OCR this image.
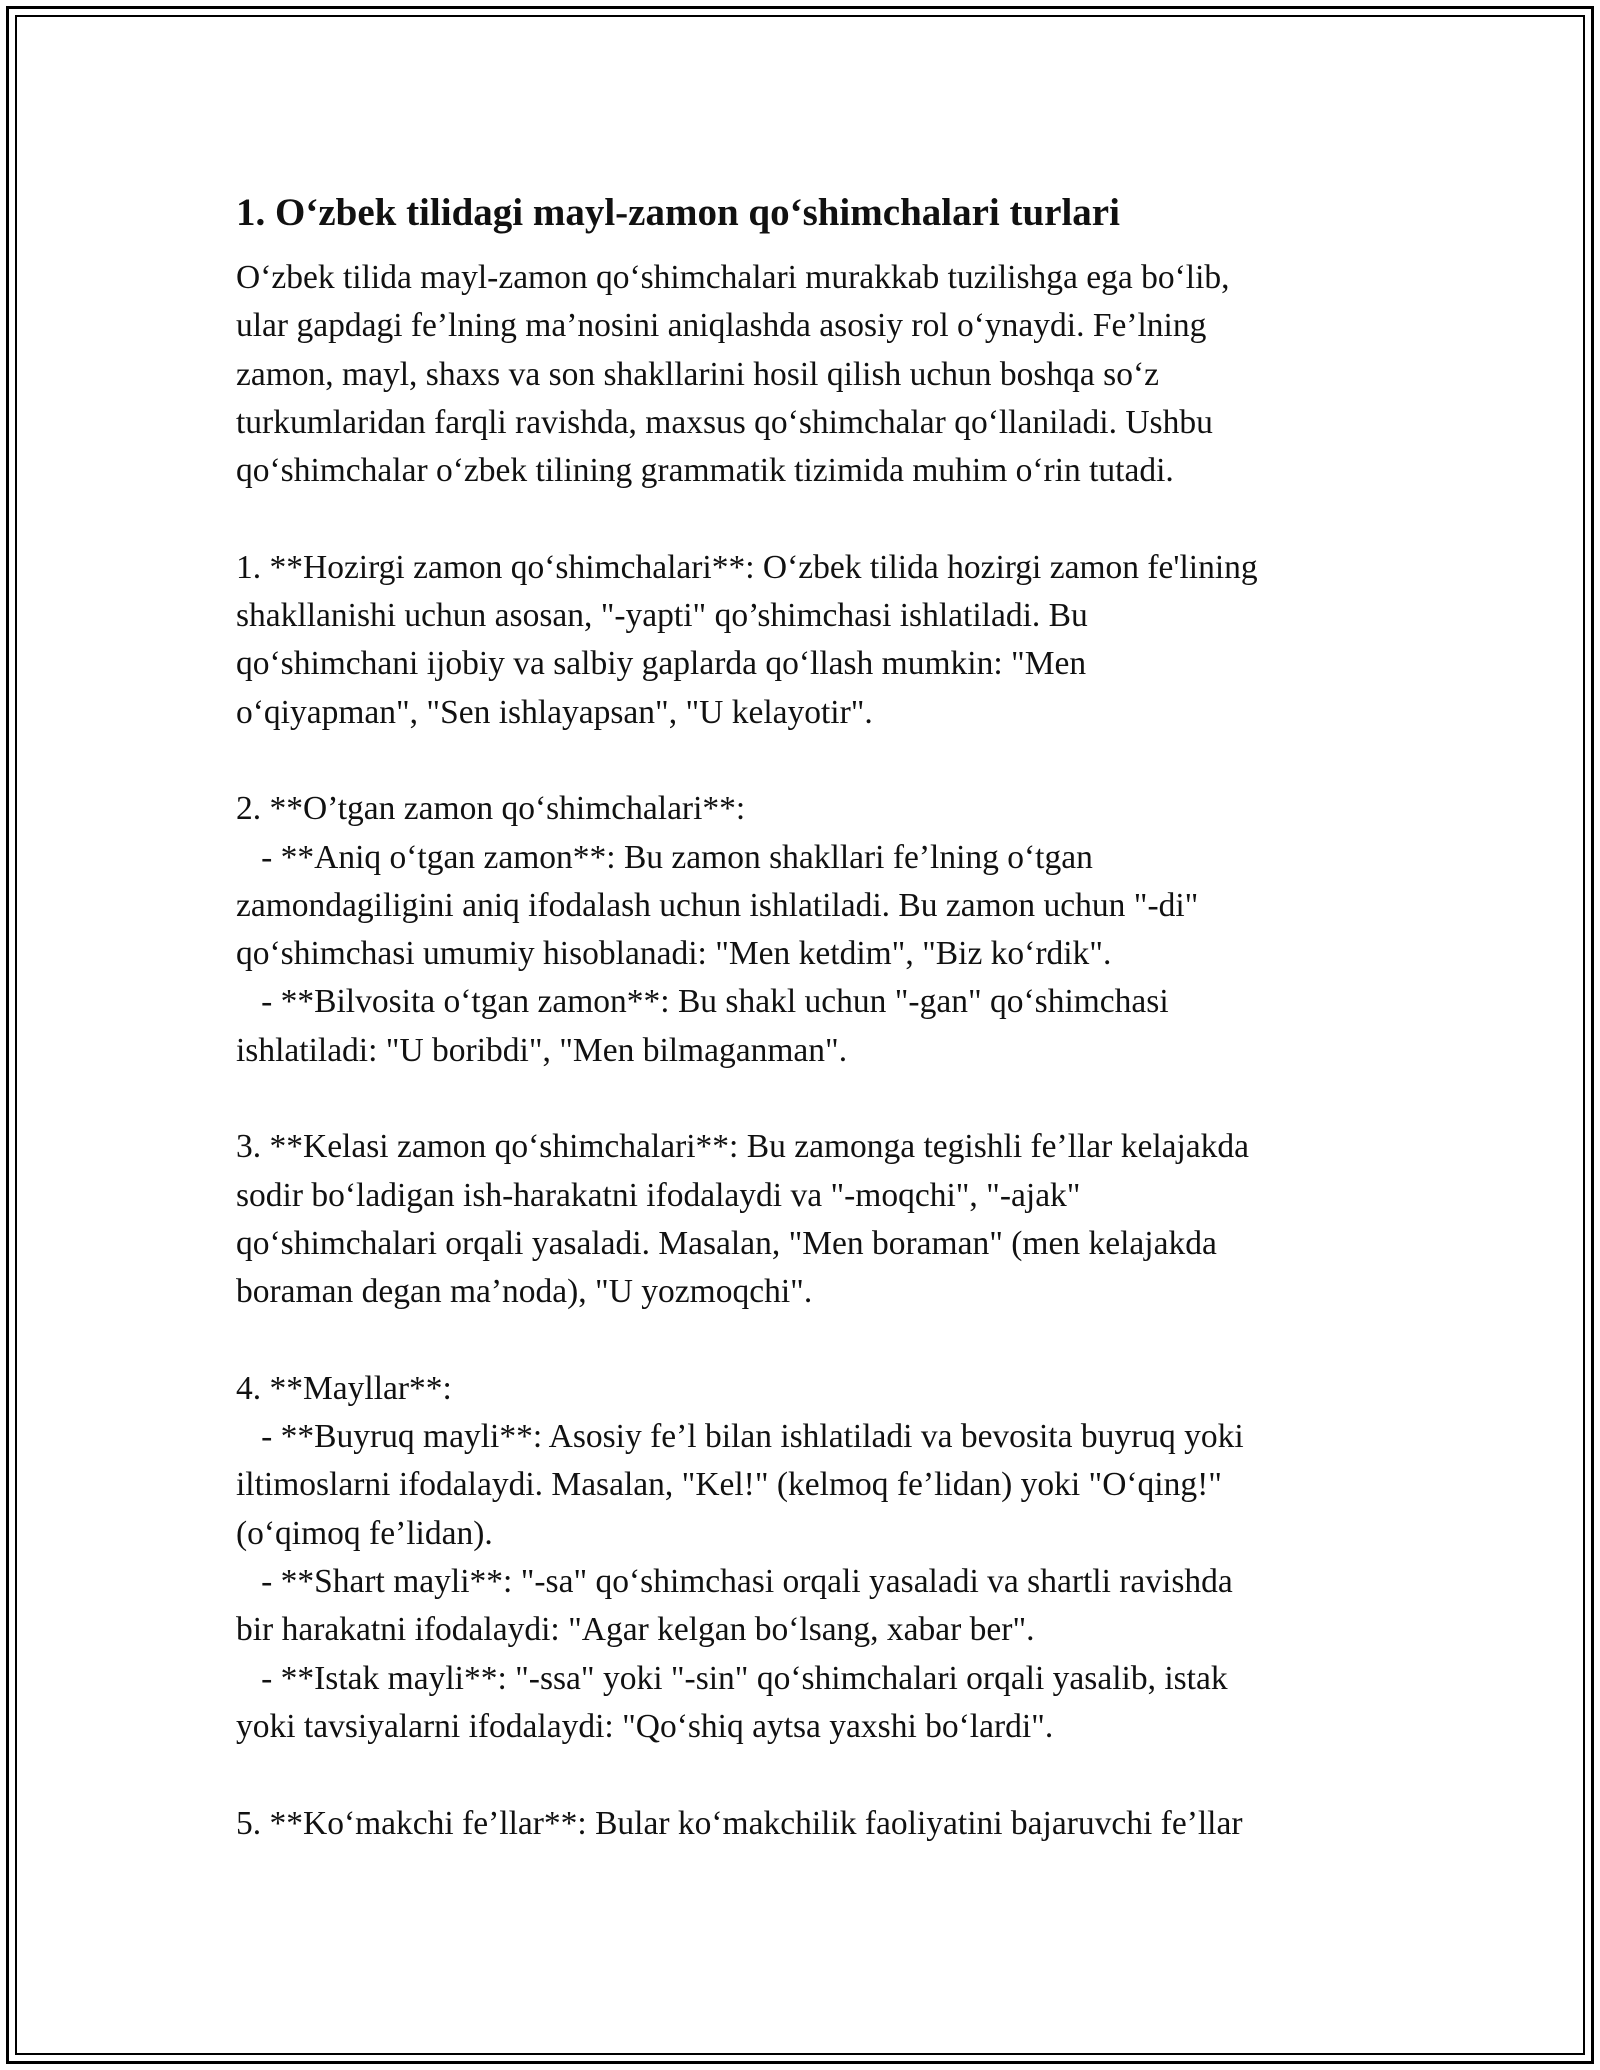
1. O‘zbek tilidagi mayl-zamon qo‘shimchalari turlari

O‘zbek tilida mayl-zamon qo‘shimchalari murakkab tuzilishga ega bo‘lib,
ular gapdagi fe’lning ma’nosini aniqlashda asosiy rol o‘ynaydi. Fe’lning
zamon, mayl, shaxs va son shakllarini hosil qilish uchun boshqa so‘z
turkumlaridan farqli ravishda, maxsus qo‘shimchalar qo‘llaniladi. Ushbu
qo‘shimchalar o‘zbek tilining grammatik tizimida muhim o‘rin tutadi.

1. **Hozirgi zamon qo‘shimchalari**: O‘zbek tilida hozirgi zamon fe'lining
shakllanishi uchun asosan, "-yapti" qo’shimchasi ishlatiladi. Bu
qo‘shimchani ijobiy va salbiy gaplarda qo‘llash mumkin: "Men
o‘qiyapman", "Sen ishlayapsan", "U kelayotir".

2. **O’tgan zamon qo‘shimchalari**:
- **Aniq o‘tgan zamon**: Bu zamon shakllari fe’lning o‘tgan
zamondagiligini aniq ifodalash uchun ishlatiladi. Bu zamon uchun "-di"
qo‘shimchasi umumiy hisoblanadi: "Men ketdim", "Biz ko‘rdik".
- **Bilvosita o‘tgan zamon**: Bu shakl uchun "-gan" qo‘shimchasi
ishlatiladi: "U boribdi", "Men bilmaganman".

3. **Kelasi zamon qo‘shimchalari**: Bu zamonga tegishli fe’llar kelajakda
sodir bo‘ladigan ish-harakatni ifodalaydi va "-moqchi", "-ajak"
qo‘shimchalari orqali yasaladi. Masalan, "Men boraman" (men kelajakda
boraman degan ma’noda), "U yozmoqchi".

4. **Mayllar**:
- **Buyruq mayli**: Asosiy fe’l bilan ishlatiladi va bevosita buyruq yoki
iltimoslarni ifodalaydi. Masalan, "Kel!" (kelmoq fe’lidan) yoki "O‘qing!"
(o‘qimoq fe’lidan).
- **Shart mayli**: "-sa" qo‘shimchasi orqali yasaladi va shartli ravishda
bir harakatni ifodalaydi: "Agar kelgan bo‘lsang, xabar ber".
- **Istak mayli**: "-ssa" yoki "-sin" qo‘shimchalari orqali yasalib, istak
yoki tavsiyalarni ifodalaydi: "Qo‘shiq aytsa yaxshi bo‘lardi".

5. **Ko‘makchi fe’llar**: Bular ko‘makchilik faoliyatini bajaruvchi fe’llar
